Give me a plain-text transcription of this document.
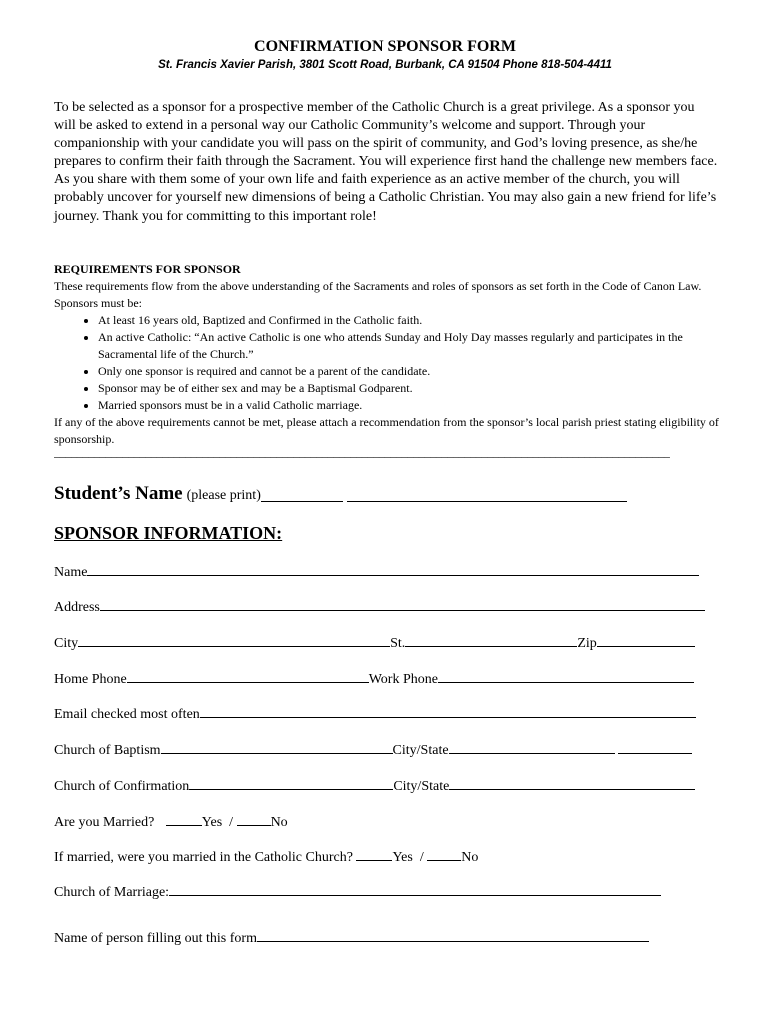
CONFIRMATION SPONSOR FORM
St. Francis Xavier Parish, 3801 Scott Road, Burbank, CA 91504 Phone 818-504-4411
To be selected as a sponsor for a prospective member of the Catholic Church is a great privilege. As a sponsor you will be asked to extend in a personal way our Catholic Community’s welcome and support. Through your companionship with your candidate you will pass on the spirit of community, and God’s loving presence, as she/he prepares to confirm their faith through the Sacrament. You will experience first hand the challenge new members face. As you share with them some of your own life and faith experience as an active member of the church, you will probably uncover for yourself new dimensions of being a Catholic Christian. You may also gain a new friend for life’s journey. Thank you for committing to this important role!
REQUIREMENTS FOR SPONSOR
These requirements flow from the above understanding of the Sacraments and roles of sponsors as set forth in the Code of Canon Law. Sponsors must be:
• At least 16 years old, Baptized and Confirmed in the Catholic faith.
• An active Catholic: “An active Catholic is one who attends Sunday and Holy Day masses regularly and participates in the Sacramental life of the Church.”
• Only one sponsor is required and cannot be a parent of the candidate.
• Sponsor may be of either sex and may be a Baptismal Godparent.
• Married sponsors must be in a valid Catholic marriage.
If any of the above requirements cannot be met, please attach a recommendation from the sponsor’s local parish priest stating eligibility of sponsorship.
____________________________________________________________________________________________________________
Student’s Name (please print)
SPONSOR INFORMATION:
Name
Address
City	St.	Zip
Home Phone	Work Phone
Email checked most often
Church of Baptism	City/State
Church of Confirmation	City/State
Are you Married?	Yes /	No
If married, were you married in the Catholic Church?	Yes /	No
Church of Marriage:
Name of person filling out this form
